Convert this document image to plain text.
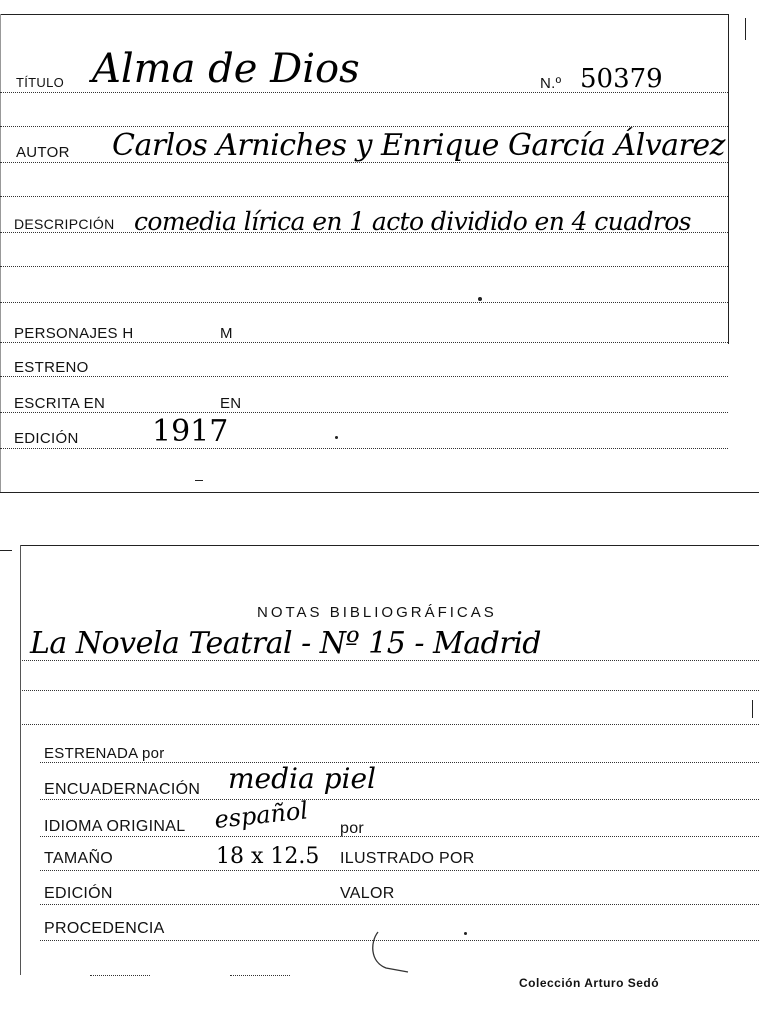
TÍTULO Alma de Dios	N.º 50379
AUTOR Carlos Arniches y Enrique García Álvarez
DESCRIPCIÓN comedia lírica en 1 acto dividido en 4 cuadros
PERSONAJES H	M
ESTRENO
ESCRITA EN	EN
EDICIÓN 1917
NOTAS BIBLIOGRÁFICAS
La Novela Teatral - Nº 15 - Madrid
ESTRENADA por
ENCUADERNACIÓN media piel
IDIOMA ORIGINAL español por
TAMAÑO	18 x 12.5 ILUSTRADO POR
EDICIÓN	VALOR
PROCEDENCIA
Colección Arturo Sedó
